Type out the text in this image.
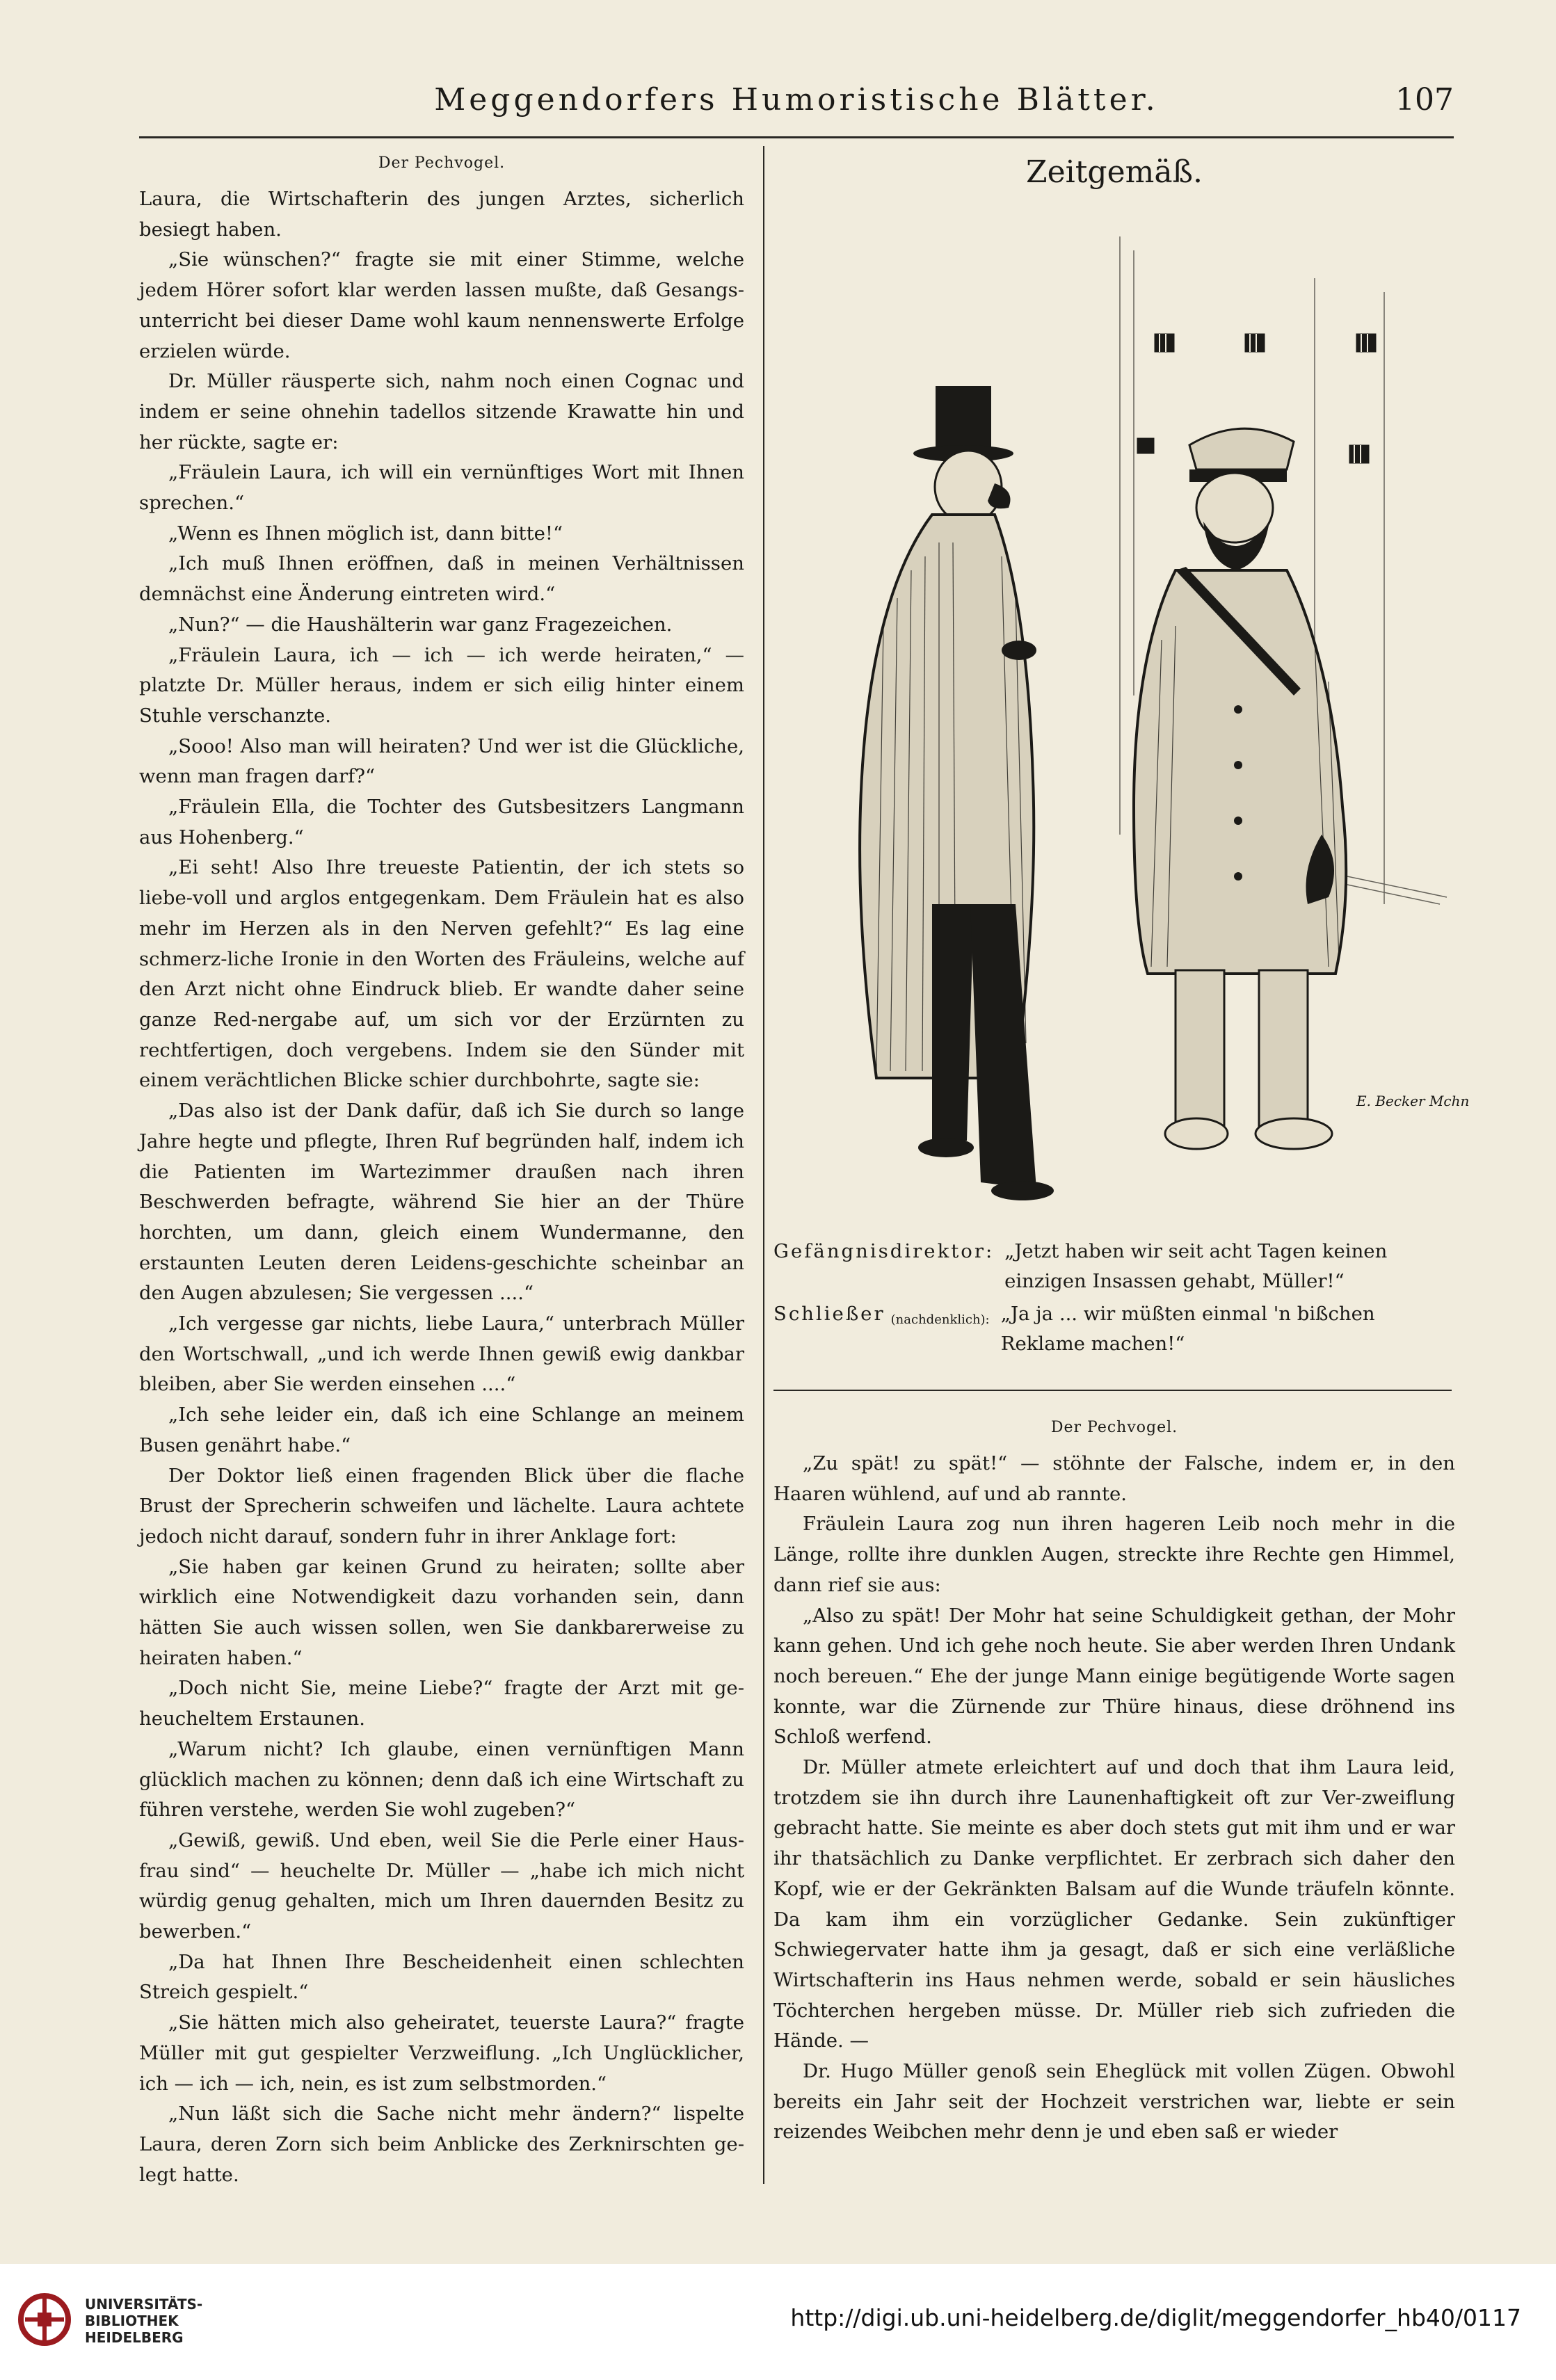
Meggendorfers Humoristische Blätter.	107
Der Pechvogel.

Laura, die Wirtschafterin des jungen Arztes, sicherlich besiegt haben.

„Sie wünschen?“ fragte sie mit einer Stimme, welche jedem Hörer sofort klar werden lassen mußte, daß Gesangs-unterricht bei dieser Dame wohl kaum nennenswerte Erfolge erzielen würde.

Dr. Müller räusperte sich, nahm noch einen Cognac und indem er seine ohnehin tadellos sitzende Krawatte hin und her rückte, sagte er:

„Fräulein Laura, ich will ein vernünftiges Wort mit Ihnen sprechen.“

„Wenn es Ihnen möglich ist, dann bitte!“

„Ich muß Ihnen eröffnen, daß in meinen Verhältnissen demnächst eine Änderung eintreten wird.“

„Nun?“ — die Haushälterin war ganz Fragezeichen.

„Fräulein Laura, ich — ich — ich werde heiraten,“ — platzte Dr. Müller heraus, indem er sich eilig hinter einem Stuhle verschanzte.

„Sooo! Also man will heiraten? Und wer ist die Glückliche, wenn man fragen darf?“

„Fräulein Ella, die Tochter des Gutsbesitzers Langmann aus Hohenberg.“

„Ei seht! Also Ihre treueste Patientin, der ich stets so liebe-voll und arglos entgegenkam. Dem Fräulein hat es also mehr im Herzen als in den Nerven gefehlt?“ Es lag eine schmerz-liche Ironie in den Worten des Fräuleins, welche auf den Arzt nicht ohne Eindruck blieb. Er wandte daher seine ganze Red-nergabe auf, um sich vor der Erzürnten zu rechtfertigen, doch vergebens. Indem sie den Sünder mit einem verächtlichen Blicke schier durchbohrte, sagte sie:

„Das also ist der Dank dafür, daß ich Sie durch so lange Jahre hegte und pflegte, Ihren Ruf begründen half, indem ich die Patienten im Wartezimmer draußen nach ihren Beschwerden befragte, während Sie hier an der Thüre horchten, um dann, gleich einem Wundermanne, den erstaunten Leuten deren Leidens-geschichte scheinbar an den Augen abzulesen; Sie vergessen ....“

„Ich vergesse gar nichts, liebe Laura,“ unterbrach Müller den Wortschwall, „und ich werde Ihnen gewiß ewig dankbar bleiben, aber Sie werden einsehen ....“

„Ich sehe leider ein, daß ich eine Schlange an meinem Busen genährt habe.“

Der Doktor ließ einen fragenden Blick über die flache Brust der Sprecherin schweifen und lächelte. Laura achtete jedoch nicht darauf, sondern fuhr in ihrer Anklage fort:

„Sie haben gar keinen Grund zu heiraten; sollte aber wirklich eine Notwendigkeit dazu vorhanden sein, dann hätten Sie auch wissen sollen, wen Sie dankbarerweise zu heiraten haben.“

„Doch nicht Sie, meine Liebe?“ fragte der Arzt mit ge-heucheltem Erstaunen.

„Warum nicht? Ich glaube, einen vernünftigen Mann glücklich machen zu können; denn daß ich eine Wirtschaft zu führen verstehe, werden Sie wohl zugeben?“

„Gewiß, gewiß. Und eben, weil Sie die Perle einer Haus-frau sind“ — heuchelte Dr. Müller — „habe ich mich nicht würdig genug gehalten, mich um Ihren dauernden Besitz zu bewerben.“

„Da hat Ihnen Ihre Bescheidenheit einen schlechten Streich gespielt.“

„Sie hätten mich also geheiratet, teuerste Laura?“ fragte Müller mit gut gespielter Verzweiflung. „Ich Unglücklicher, ich — ich — ich, nein, es ist zum selbstmorden.“

„Nun läßt sich die Sache nicht mehr ändern?“ lispelte Laura, deren Zorn sich beim Anblicke des Zerknirschten ge-legt hatte.

Zeitgemäß.
E. Becker Mchn
Gefängnisdirektor: „Jetzt haben wir seit acht Tagen keinen einzigen Insassen gehabt, Müller!“
Schließer (nachdenklich): „Ja ja ... wir müßten einmal 'n bißchen Reklame machen!“
Der Pechvogel.

„Zu spät! zu spät!“ — stöhnte der Falsche, indem er, in den Haaren wühlend, auf und ab rannte.

Fräulein Laura zog nun ihren hageren Leib noch mehr in die Länge, rollte ihre dunklen Augen, streckte ihre Rechte gen Himmel, dann rief sie aus:

„Also zu spät! Der Mohr hat seine Schuldigkeit gethan, der Mohr kann gehen. Und ich gehe noch heute. Sie aber werden Ihren Undank noch bereuen.“ Ehe der junge Mann einige begütigende Worte sagen konnte, war die Zürnende zur Thüre hinaus, diese dröhnend ins Schloß werfend.

Dr. Müller atmete erleichtert auf und doch that ihm Laura leid, trotzdem sie ihn durch ihre Launenhaftigkeit oft zur Ver-zweiflung gebracht hatte. Sie meinte es aber doch stets gut mit ihm und er war ihr thatsächlich zu Danke verpflichtet. Er zerbrach sich daher den Kopf, wie er der Gekränkten Balsam auf die Wunde träufeln könnte. Da kam ihm ein vorzüglicher Gedanke. Sein zukünftiger Schwiegervater hatte ihm ja gesagt, daß er sich eine verläßliche Wirtschafterin ins Haus nehmen werde, sobald er sein häusliches Töchterchen hergeben müsse. Dr. Müller rieb sich zufrieden die Hände. —

Dr. Hugo Müller genoß sein Eheglück mit vollen Zügen. Obwohl bereits ein Jahr seit der Hochzeit verstrichen war, liebte er sein reizendes Weibchen mehr denn je und eben saß er wieder

UNIVERSITÄTS-
BIBLIOTHEK
HEIDELBERG
http://digi.ub.uni-heidelberg.de/diglit/meggendorfer_hb40/0117
